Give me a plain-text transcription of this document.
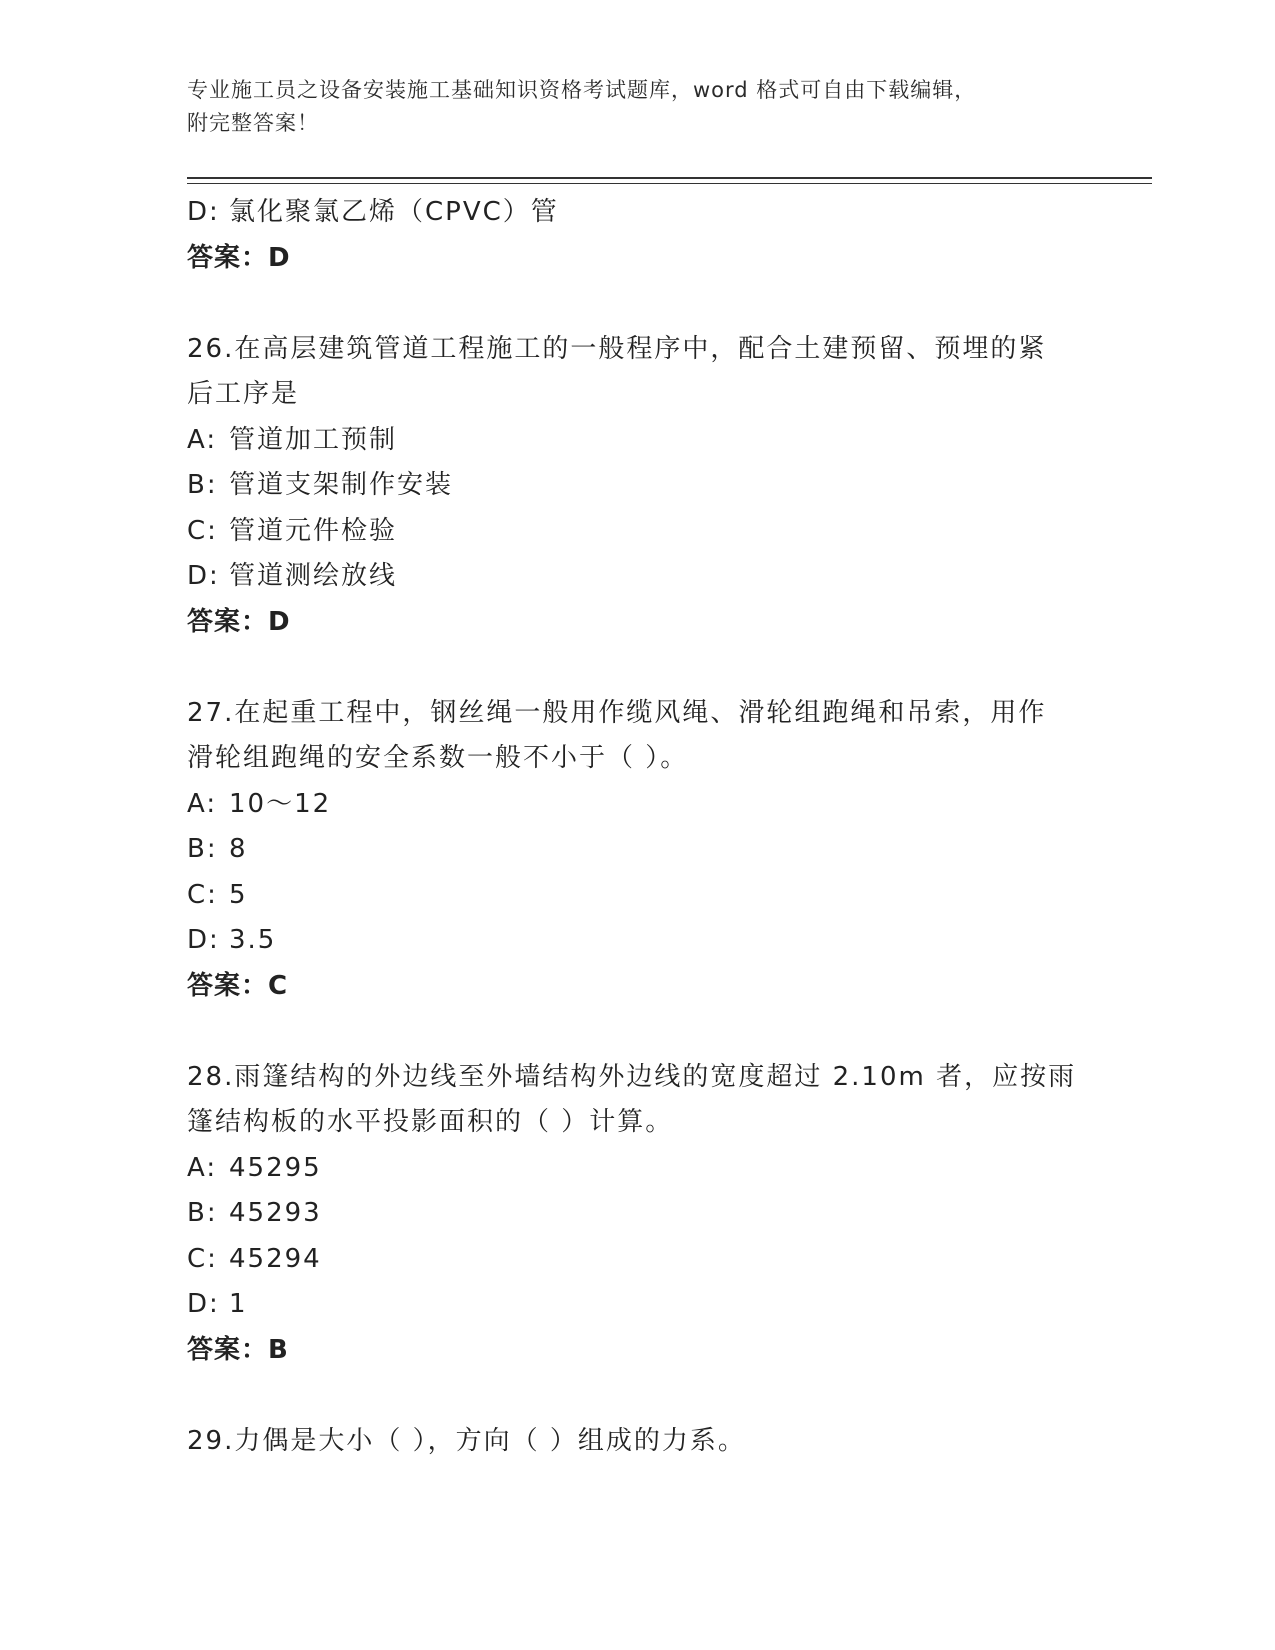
专业施工员之设备安装施工基础知识资格考试题库，word 格式可自由下载编辑，
附完整答案！
D: 氯化聚氯乙烯（CPVC）管
答案：D
26.在高层建筑管道工程施工的一般程序中，配合土建预留、预埋的紧
后工序是
A: 管道加工预制
B: 管道支架制作安装
C: 管道元件检验
D: 管道测绘放线
答案：D
27.在起重工程中，钢丝绳一般用作缆风绳、滑轮组跑绳和吊索，用作
滑轮组跑绳的安全系数一般不小于（ ）。
A: 10～12
B: 8
C: 5
D: 3.5
答案：C
28.雨篷结构的外边线至外墙结构外边线的宽度超过 2.10m 者，应按雨
篷结构板的水平投影面积的（ ）计算。
A: 45295
B: 45293
C: 45294
D: 1
答案：B
29.力偶是大小（ ），方向（ ）组成的力系。
